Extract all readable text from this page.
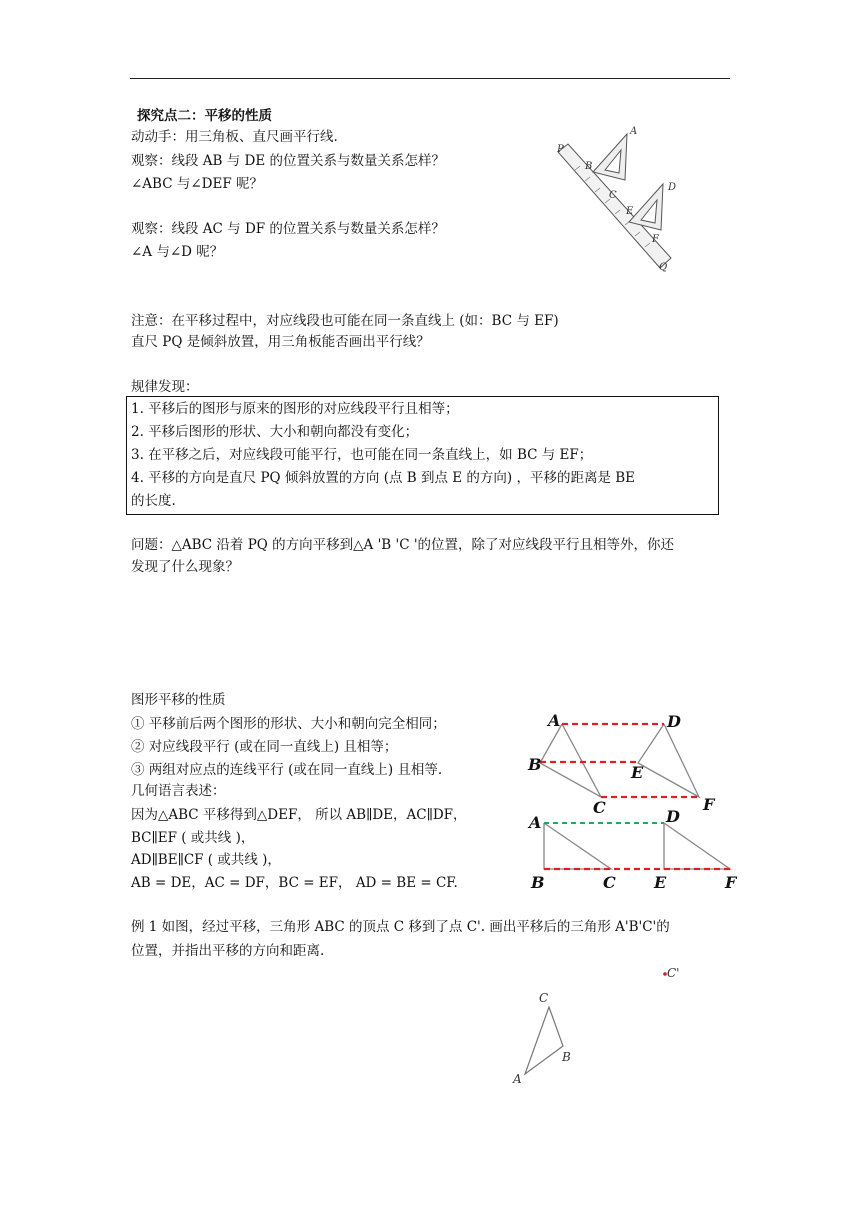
探究点二：平移的性质
动动手：用三角板、直尺画平行线.
观察：线段 AB 与 DE 的位置关系与数量关系怎样？
∠ABC 与∠DEF 呢？
观察：线段 AC 与 DF 的位置关系与数量关系怎样？
∠A 与∠D 呢？
注意：在平移过程中，对应线段也可能在同一条直线上 (如：BC 与 EF)
直尺 PQ 是倾斜放置，用三角板能否画出平行线？
规律发现：
A
P
B
C
D
E
F
Q
1. 平移后的图形与原来的图形的对应线段平行且相等；
2. 平移后图形的形状、大小和朝向都没有变化；
3. 在平移之后，对应线段可能平行，也可能在同一条直线上，如 BC 与 EF；
4. 平移的方向是直尺 PQ 倾斜放置的方向 (点 B 到点 E 的方向) ，平移的距离是 BE
的长度.
问题：△ABC 沿着 PQ 的方向平移到△A 'B 'C '的位置，除了对应线段平行且相等外，你还
发现了什么现象？
图形平移的性质
① 平移前后两个图形的形状、大小和朝向完全相同；
② 对应线段平行 (或在同一直线上) 且相等；
③ 两组对应点的连线平行 (或在同一直线上) 且相等.
几何语言表述：
因为△ABC 平移得到△DEF， 所以 AB∥DE，AC∥DF，
BC∥EF ( 或共线 )，
AD∥BE∥CF ( 或共线 )，
AB = DE，AC = DF，BC = EF， AD = BE = CF.
A
B
C
D
E
F
A
B	C
D
E	F
例 1 如图，经过平移，三角形 ABC 的顶点 C 移到了点 C'. 画出平移后的三角形 A'B'C'的
位置，并指出平移的方向和距离.
C
A
B
C'
